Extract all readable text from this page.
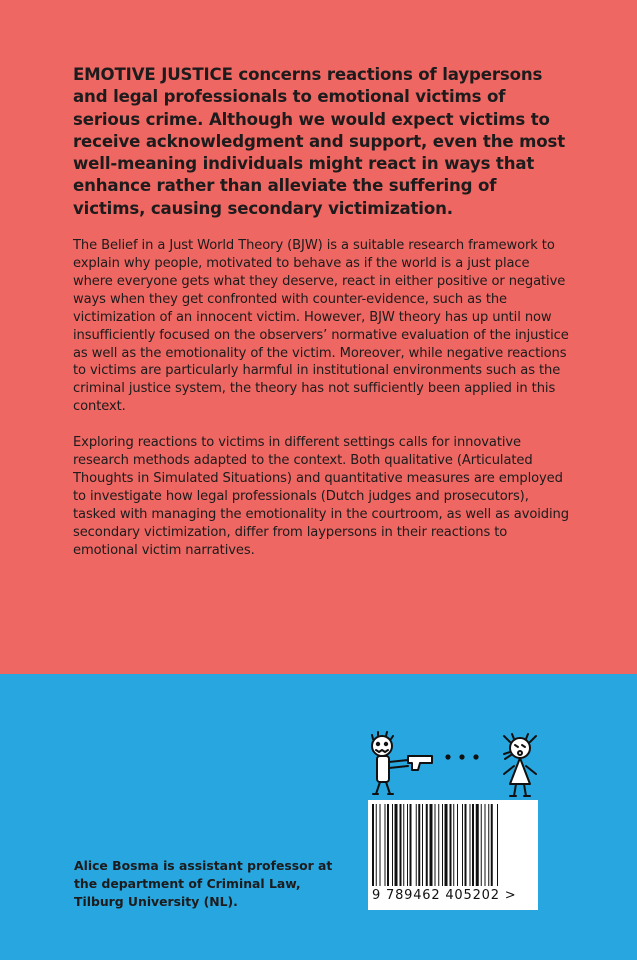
EMOTIVE JUSTICE concerns reactions of laypersons and legal professionals to emotional victims of serious crime. Although we would expect victims to receive acknowledgment and support, even the most well-meaning individuals might react in ways that enhance rather than alleviate the suffering of victims, causing secondary victimization.

The Belief in a Just World Theory (BJW) is a suitable research framework to explain why people, motivated to behave as if the world is a just place where everyone gets what they deserve, react in either positive or negative ways when they get confronted with counter-evidence, such as the victimization of an innocent victim. However, BJW theory has up until now insufficiently focused on the observers’ normative evaluation of the injustice as well as the emotionality of the victim. Moreover, while negative reactions to victims are particularly harmful in institutional environments such as the criminal justice system, the theory has not sufficiently been applied in this context.

Exploring reactions to victims in different settings calls for innovative research methods adapted to the context. Both qualitative (Articulated Thoughts in Simulated Situations) and quantitative measures are employed to investigate how legal professionals (Dutch judges and prosecutors), tasked with managing the emotionality in the courtroom, as well as avoiding secondary victimization, differ from laypersons in their reactions to emotional victim narratives.

9 789462 405202 >
Alice Bosma is assistant professor at the department of Criminal Law, Tilburg University (NL).
